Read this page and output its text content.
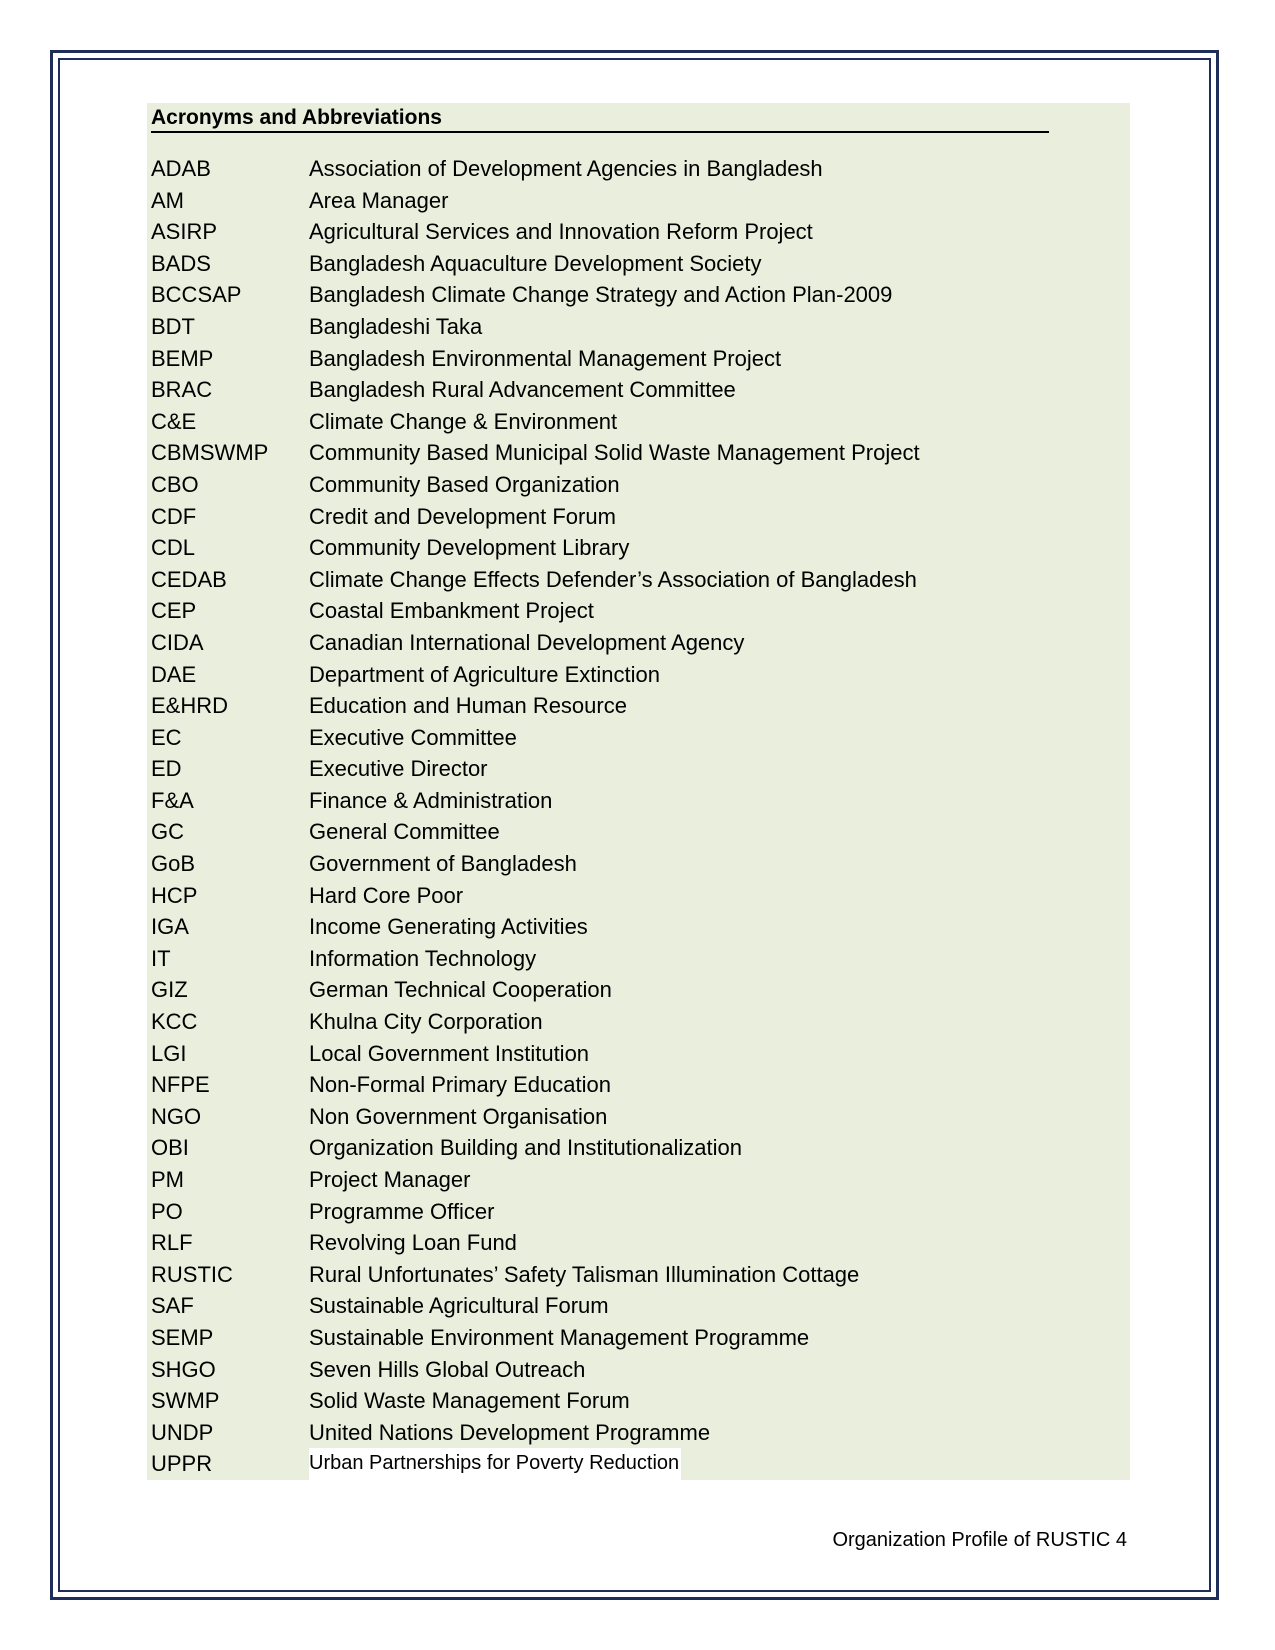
Acronyms and Abbreviations
ADAB	Association of Development Agencies in Bangladesh
AM	Area Manager
ASIRP	Agricultural Services and Innovation Reform Project
BADS	Bangladesh Aquaculture Development Society
BCCSAP	Bangladesh Climate Change Strategy and Action Plan-2009
BDT	Bangladeshi Taka
BEMP	Bangladesh Environmental Management Project
BRAC	Bangladesh Rural Advancement Committee
C&E	Climate Change & Environment
CBMSWMP	Community Based Municipal Solid Waste Management Project
CBO	Community Based Organization
CDF	Credit and Development Forum
CDL	Community Development Library
CEDAB	Climate Change Effects Defender’s Association of Bangladesh
CEP	Coastal Embankment Project
CIDA	Canadian International Development Agency
DAE	Department of Agriculture Extinction
E&HRD	Education and Human Resource
EC	Executive Committee
ED	Executive Director
F&A	Finance & Administration
GC	General Committee
GoB	Government of Bangladesh
HCP	Hard Core Poor
IGA	Income Generating Activities
IT	Information Technology
GIZ	German Technical Cooperation
KCC	Khulna City Corporation
LGI	Local Government Institution
NFPE	Non-Formal Primary Education
NGO	Non Government Organisation
OBI	Organization Building and Institutionalization
PM	Project Manager
PO	Programme Officer
RLF	Revolving Loan Fund
RUSTIC	Rural Unfortunates’ Safety Talisman Illumination Cottage
SAF	Sustainable Agricultural Forum
SEMP	Sustainable Environment Management Programme
SHGO	Seven Hills Global Outreach
SWMP	Solid Waste Management Forum
UNDP	United Nations Development Programme
UPPR	Urban Partnerships for Poverty Reduction
Organization Profile of RUSTIC 4
